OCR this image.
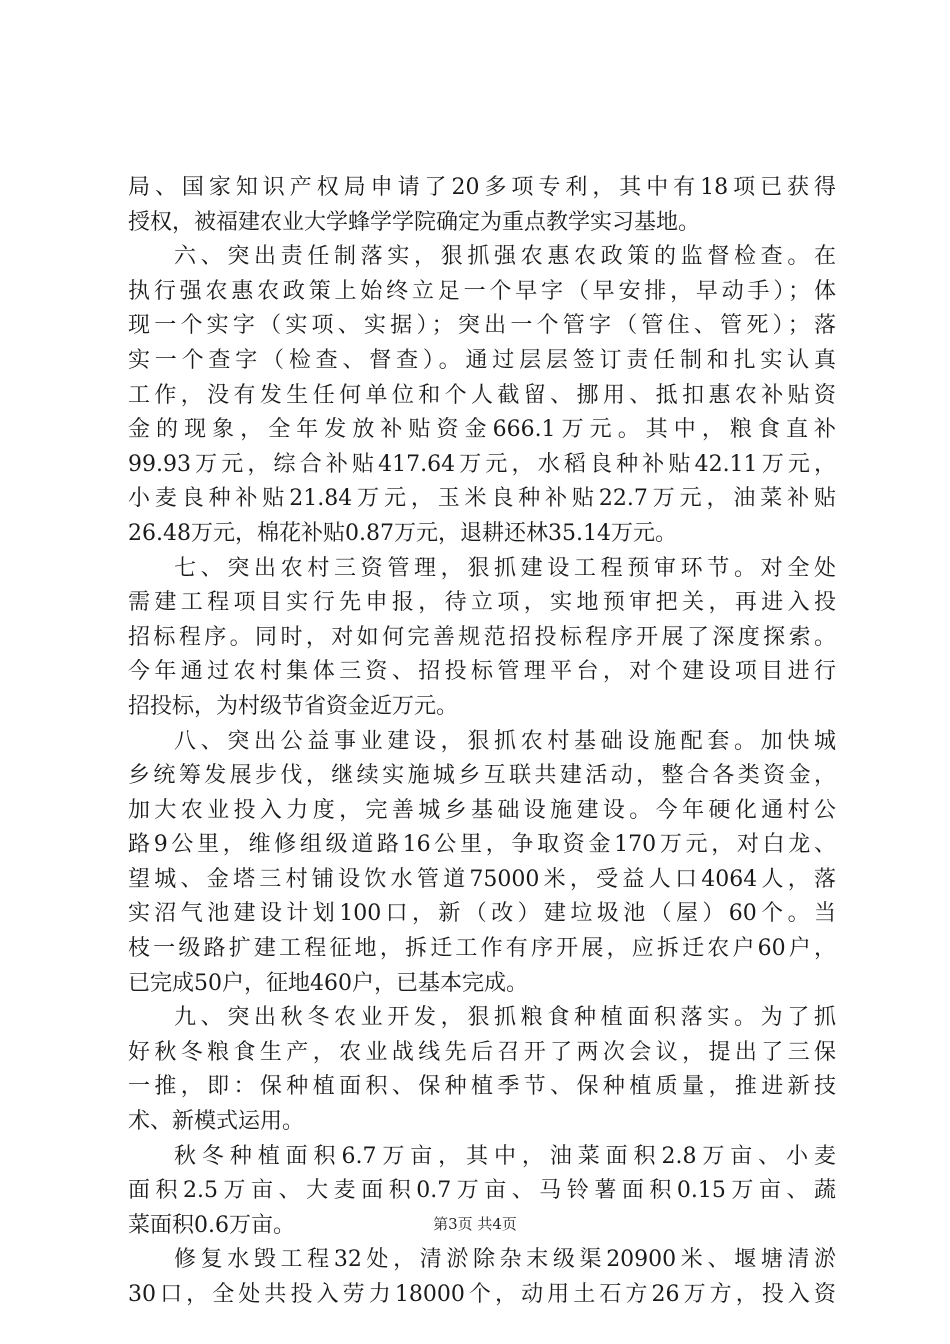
局、国家知识产权局申请了20多项专利，其中有18项已获得
授权，被福建农业大学蜂学学院确定为重点教学实习基地。
六、突出责任制落实，狠抓强农惠农政策的监督检查。在
执行强农惠农政策上始终立足一个早字（早安排，早动手）；体
现一个实字（实项、实据）；突出一个管字（管住、管死）；落
实一个查字（检查、督查）。通过层层签订责任制和扎实认真
工作，没有发生任何单位和个人截留、挪用、抵扣惠农补贴资
金的现象，全年发放补贴资金666.1万元。其中，粮食直补
99.93万元，综合补贴417.64万元，水稻良种补贴42.11万元，
小麦良种补贴21.84万元，玉米良种补贴22.7万元，油菜补贴
26.48万元，棉花补贴0.87万元，退耕还林35.14万元。
七、突出农村三资管理，狠抓建设工程预审环节。对全处
需建工程项目实行先申报，待立项，实地预审把关，再进入投
招标程序。同时，对如何完善规范招投标程序开展了深度探索。
今年通过农村集体三资、招投标管理平台，对个建设项目进行
招投标，为村级节省资金近万元。
八、突出公益事业建设，狠抓农村基础设施配套。加快城
乡统筹发展步伐，继续实施城乡互联共建活动，整合各类资金，
加大农业投入力度，完善城乡基础设施建设。今年硬化通村公
路9公里，维修组级道路16公里，争取资金170万元，对白龙、
望城、金塔三村铺设饮水管道75000米，受益人口4064人，落
实沼气池建设计划100口，新（改）建垃圾池（屋）60个。当
枝一级路扩建工程征地，拆迁工作有序开展，应拆迁农户60户，
已完成50户，征地460户，已基本完成。
九、突出秋冬农业开发，狠抓粮食种植面积落实。为了抓
好秋冬粮食生产，农业战线先后召开了两次会议，提出了三保
一推，即：保种植面积、保种植季节、保种植质量，推进新技
术、新模式运用。
秋冬种植面积6.7万亩，其中，油菜面积2.8万亩、小麦
面积2.5万亩、大麦面积0.7万亩、马铃薯面积0.15万亩、蔬
菜面积0.6万亩。
修复水毁工程32处，清淤除杂末级渠20900米、堰塘清淤
30口，全处共投入劳力18000个，动用土石方26万方，投入资
第3页 共4页
